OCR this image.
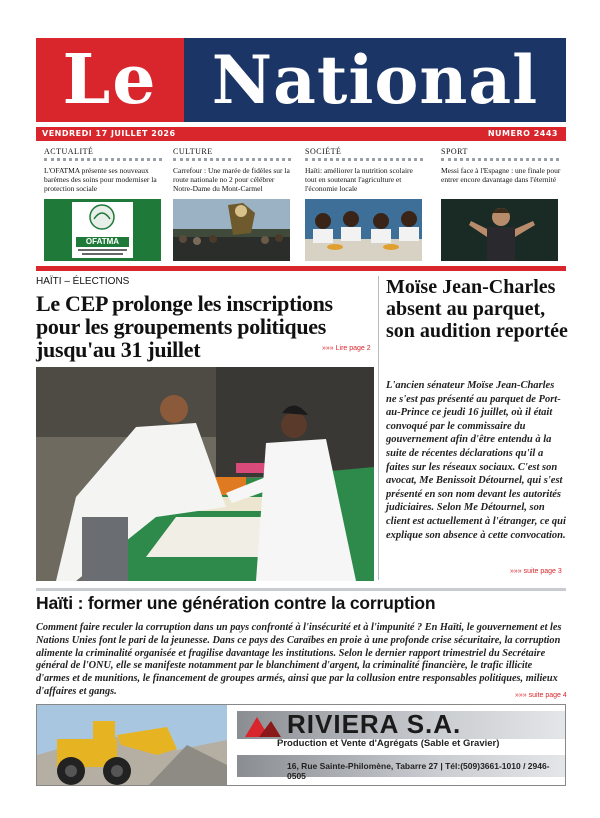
Le National
VENDREDI 17 JUILLET 2026	NUMERO 2443
ACTUALITÉ
L'OFATMA présente ses nouveaux barèmes des soins pour moderniser la protection sociale
OFATMA
CULTURE
Carrefour : Une marée de fidèles sur la route nationale no 2 pour célébrer Notre-Dame du Mont-Carmel
SOCIÉTÉ
Haïti: améliorer la nutrition scolaire tout en soutenant l'agriculture et l'économie locale
SPORT
Messi face à l'Espagne : une finale pour entrer encore davantage dans l'éternité
HAÏTI – ÉLECTIONS
Le CEP prolonge les inscriptions pour les groupements politiques jusqu'au 31 juillet	»»» Lire page 2
Moïse Jean-Charles absent au parquet, son audition reportée
L'ancien sénateur Moïse Jean-Charles ne s'est pas présenté au parquet de Port-au-Prince ce jeudi 16 juillet, où il était convoqué par le commissaire du gouvernement afin d'être entendu à la suite de récentes déclarations qu'il a faites sur les réseaux sociaux. C'est son avocat, Me Benissoit Détournel, qui s'est présenté en son nom devant les autorités judiciaires. Selon Me Détournel, son client est actuellement à l'étranger, ce qui explique son absence à cette convocation.
»»» suite page 3
Haïti : former une génération contre la corruption
Comment faire reculer la corruption dans un pays confronté à l'insécurité et à l'impunité ? En Haïti, le gouvernement et les Nations Unies font le pari de la jeunesse. Dans ce pays des Caraïbes en proie à une profonde crise sécuritaire, la corruption alimente la criminalité organisée et fragilise davantage les institutions. Selon le dernier rapport trimestriel du Secrétaire général de l'ONU, elle se manifeste notamment par le blanchiment d'argent, la criminalité financière, le trafic illicite d'armes et de munitions, le financement de groupes armés, ainsi que par la collusion entre responsables politiques, milieux d'affaires et gangs.	»»» suite page 4
RIVIERA S.A.
Production et Vente d'Agrégats (Sable et Gravier)
16, Rue Sainte-Philomène, Tabarre 27 | Tél:(509)3661-1010 / 2946-0505
